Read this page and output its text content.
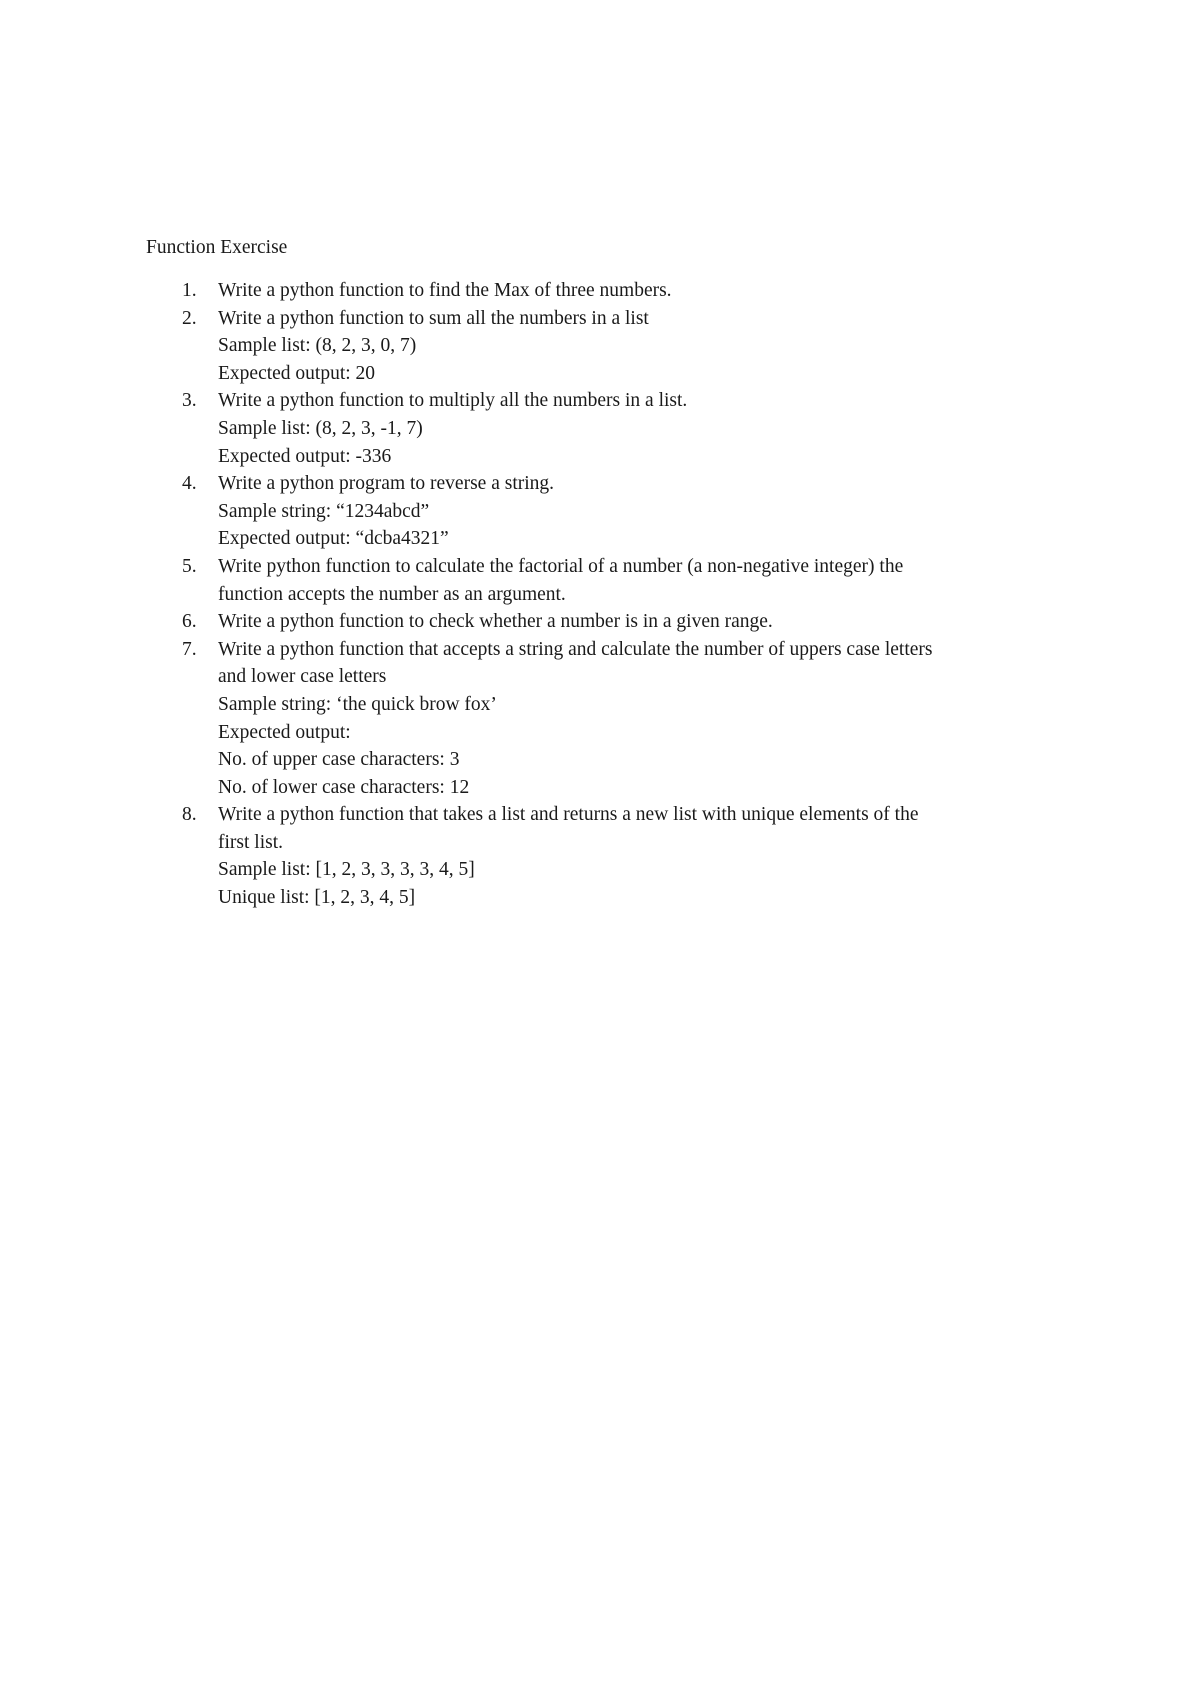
Function Exercise
1. Write a python function to find the Max of three numbers.
2. Write a python function to sum all the numbers in a list
Sample list: (8, 2, 3, 0, 7)
Expected output: 20
3. Write a python function to multiply all the numbers in a list.
Sample list: (8, 2, 3, -1, 7)
Expected output: -336
4. Write a python program to reverse a string.
Sample string: “1234abcd”
Expected output: “dcba4321”
5. Write python function to calculate the factorial of a number (a non-negative integer) the
function accepts the number as an argument.
6. Write a python function to check whether a number is in a given range.
7. Write a python function that accepts a string and calculate the number of uppers case letters
and lower case letters
Sample string: ‘the quick brow fox’
Expected output:
No. of upper case characters: 3
No. of lower case characters: 12
8. Write a python function that takes a list and returns a new list with unique elements of the
first list.
Sample list: [1, 2, 3, 3, 3, 3, 4, 5]
Unique list: [1, 2, 3, 4, 5]
